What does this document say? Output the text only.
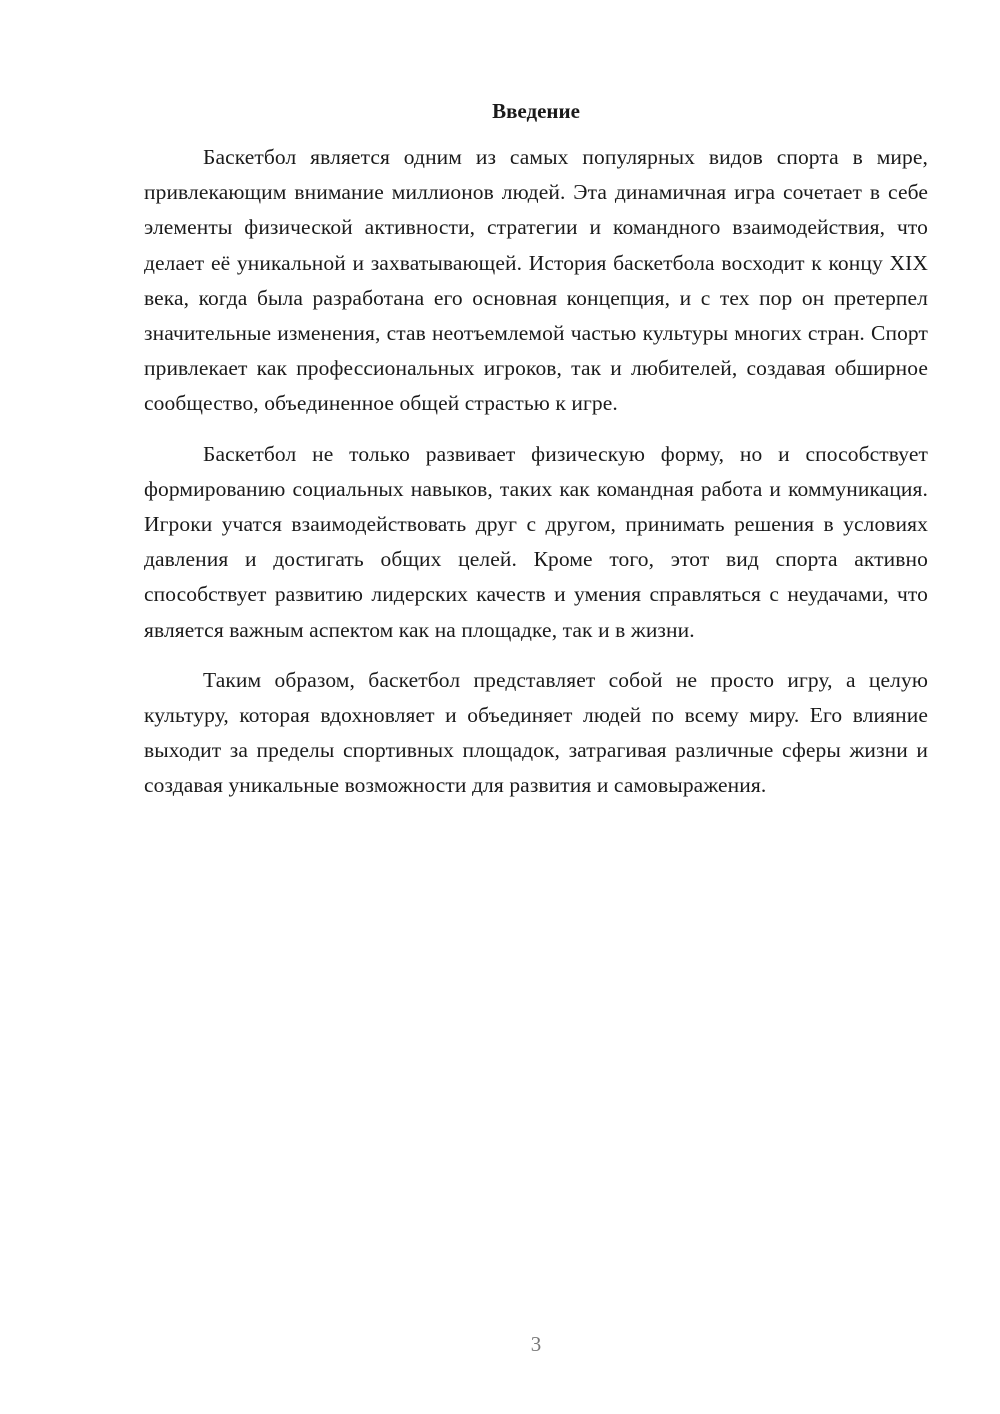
Введение

Баскетбол является одним из самых популярных видов спорта в мире, привлекающим внимание миллионов людей. Эта динамичная игра сочетает в себе элементы физической активности, стратегии и командного взаимодействия, что делает её уникальной и захватывающей. История баскетбола восходит к концу XIX века, когда была разработана его основная концепция, и с тех пор он претерпел значительные изменения, став неотъемлемой частью культуры многих стран. Спорт привлекает как профессиональных игроков, так и любителей, создавая обширное сообщество, объединенное общей страстью к игре.

Баскетбол не только развивает физическую форму, но и способствует формированию социальных навыков, таких как командная работа и коммуникация. Игроки учатся взаимодействовать друг с другом, принимать решения в условиях давления и достигать общих целей. Кроме того, этот вид спорта активно способствует развитию лидерских качеств и умения справляться с неудачами, что является важным аспектом как на площадке, так и в жизни.

Таким образом, баскетбол представляет собой не просто игру, а целую культуру, которая вдохновляет и объединяет людей по всему миру. Его влияние выходит за пределы спортивных площадок, затрагивая различные сферы жизни и создавая уникальные возможности для развития и самовыражения.

3
